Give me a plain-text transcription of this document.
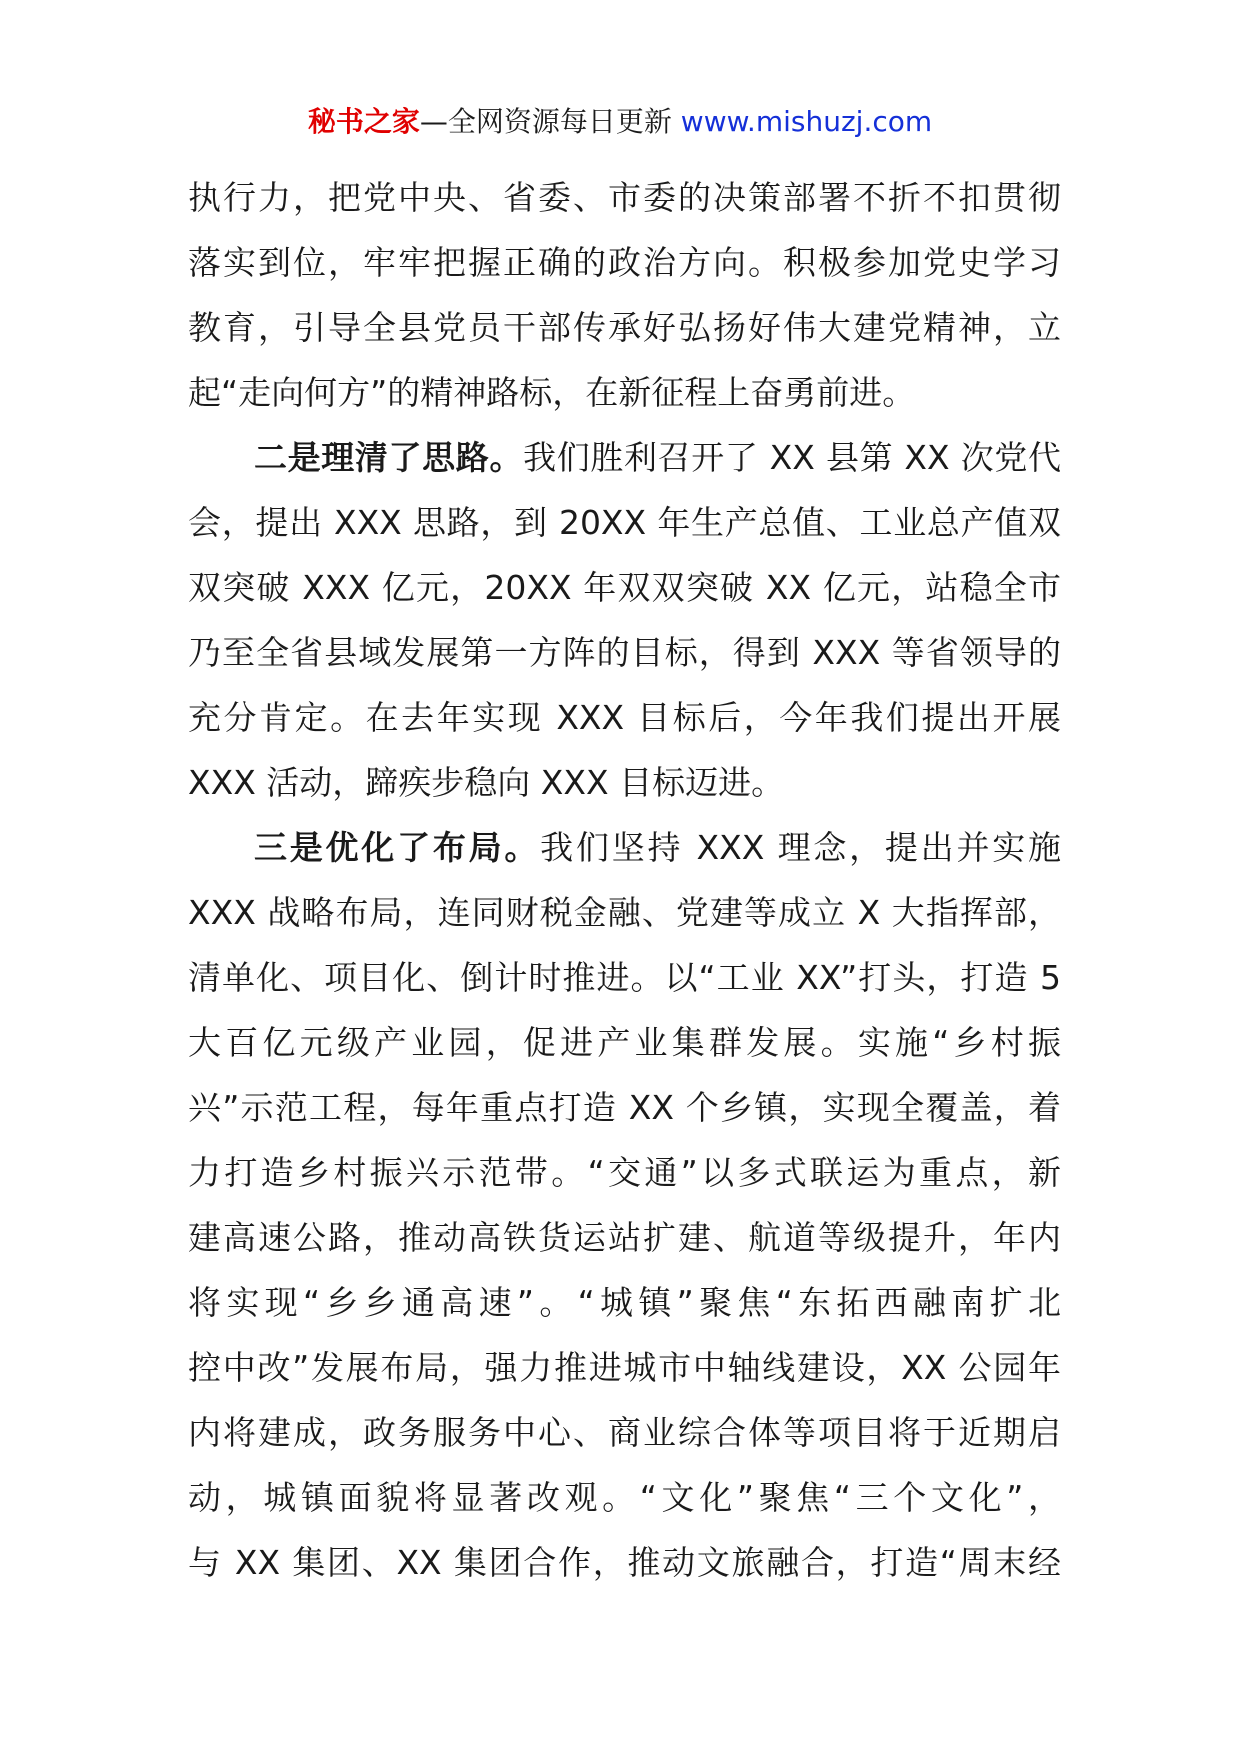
秘书之家—全网资源每日更新 www.mishuzj.com
执行力，把党中央、省委、市委的决策部署不折不扣贯彻
落实到位，牢牢把握正确的政治方向。积极参加党史学习
教育，引导全县党员干部传承好弘扬好伟大建党精神，立
起“走向何方”的精神路标，在新征程上奋勇前进。
二是理清了思路。我们胜利召开了 XX 县第 XX 次党代
会，提出 XXX 思路，到 20XX 年生产总值、工业总产值双
双突破 XXX 亿元，20XX 年双双突破 XX 亿元，站稳全市
乃至全省县域发展第一方阵的目标，得到 XXX 等省领导的
充分肯定。在去年实现 XXX 目标后，今年我们提出开展
XXX 活动，蹄疾步稳向 XXX 目标迈进。
三是优化了布局。我们坚持 XXX 理念，提出并实施
XXX 战略布局，连同财税金融、党建等成立 X 大指挥部，
清单化、项目化、倒计时推进。以“工业 XX”打头，打造 5
大百亿元级产业园，促进产业集群发展。实施“乡村振
兴”示范工程，每年重点打造 XX 个乡镇，实现全覆盖，着
力打造乡村振兴示范带。“交通”以多式联运为重点，新
建高速公路，推动高铁货运站扩建、航道等级提升，年内
将实现“乡乡通高速”。“城镇”聚焦“东拓西融南扩北
控中改”发展布局，强力推进城市中轴线建设，XX 公园年
内将建成，政务服务中心、商业综合体等项目将于近期启
动，城镇面貌将显著改观。“文化”聚焦“三个文化”，
与 XX 集团、XX 集团合作，推动文旅融合，打造“周末经
